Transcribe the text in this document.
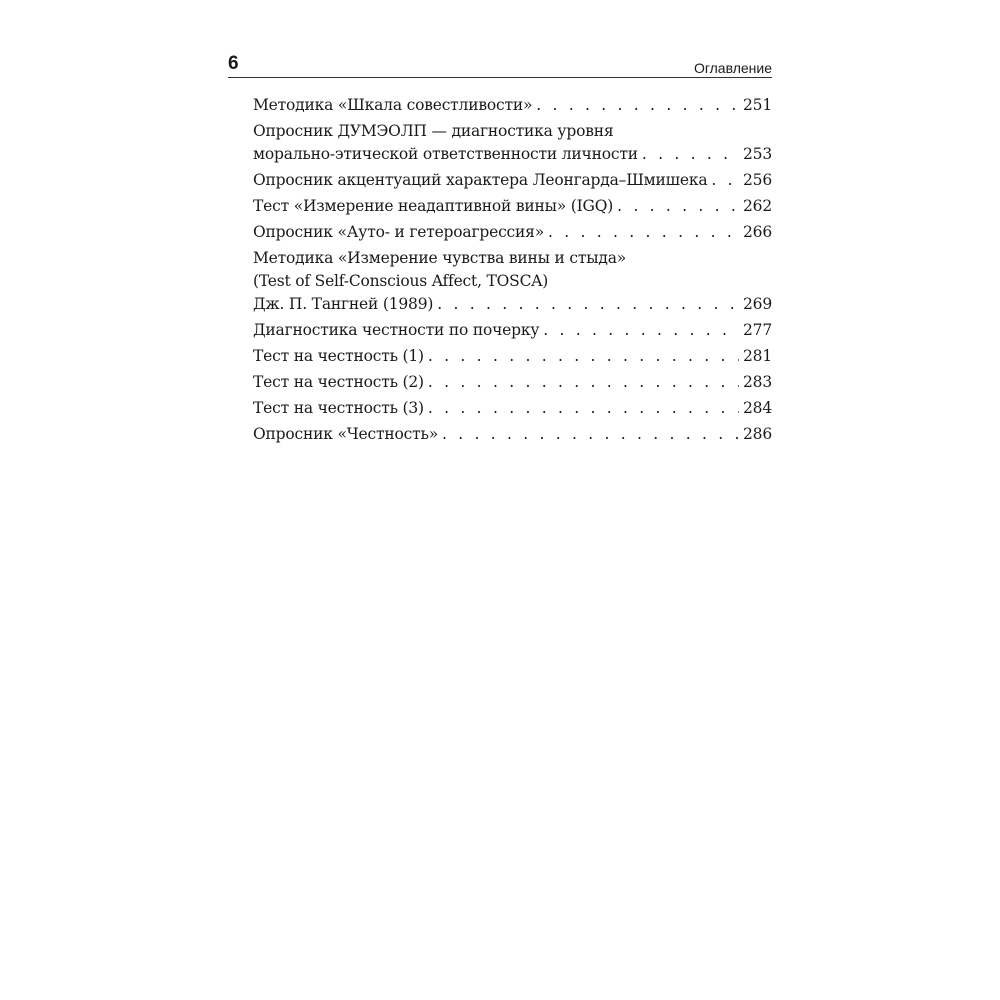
6	Оглавление
Методика «Шкала совестливости» . . .	251
Опросник ДУМЭОЛП — диагностика уровня
морально-этической ответственности личности . . .	253
Опросник акцентуаций характера Леонгарда–Шмишека . . . 256
Тест «Измерение неадаптивной вины» (IGQ) . . .	262
Опросник «Ауто- и гетероагрессия» . . .	266
Методика «Измерение чувства вины и стыда»
(Test of Self-Conscious Affect, TOSCA)
Дж. П. Тангней (1989) . . .	269
Диагностика честности по почерку . . .	277
Тест на честность (1) . . .	281
Тест на честность (2) . . .	283
Тест на честность (3) . . .	284
Опросник «Честность» . . .	286
